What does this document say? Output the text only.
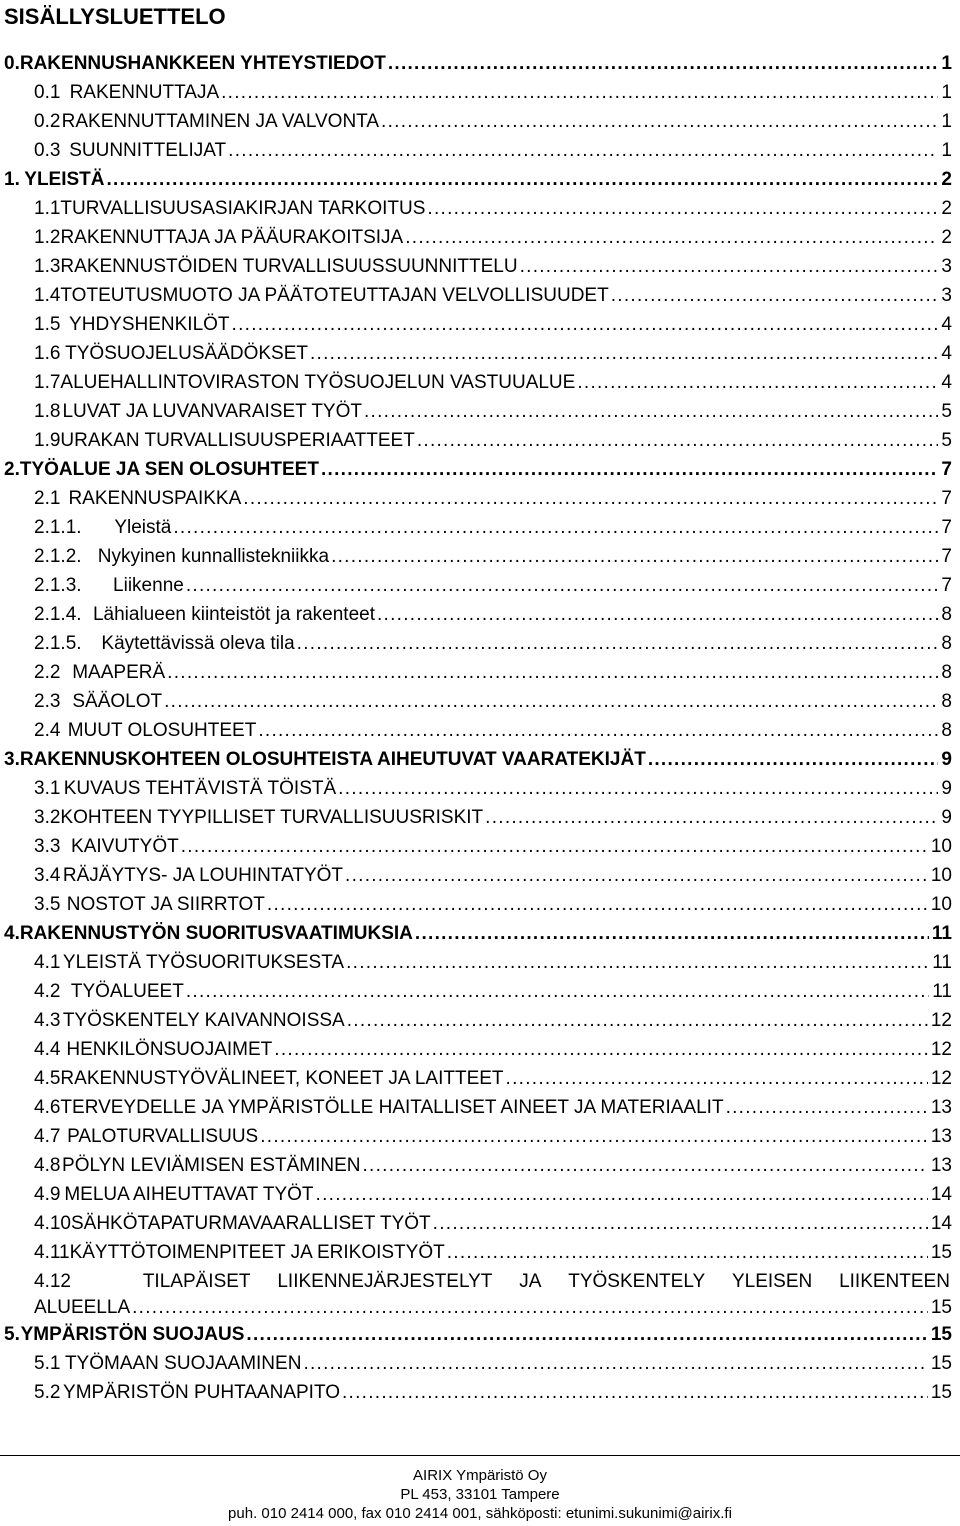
SISÄLLYSLUETTELO
0. RAKENNUSHANKKEEN YHTEYSTIEDOT . . .	1
0.1 RAKENNUTTAJA . . .	1
0.2 RAKENNUTTAMINEN JA VALVONTA . . .	1
0.3 SUUNNITTELIJAT . . .	1
1. YLEISTÄ . . .	2
1.1 TURVALLISUUSASIAKIRJAN TARKOITUS . . .	2
1.2 RAKENNUTTAJA JA PÄÄURAKOITSIJA . . .	2
1.3 RAKENNUSTÖIDEN TURVALLISUUSSUUNNITTELU . . .	3
1.4 TOTEUTUSMUOTO JA PÄÄTOTEUTTAJAN VELVOLLISUUDET . . .	3
1.5 YHDYSHENKILÖT . . .	4
1.6 TYÖSUOJELUSÄÄDÖKSET . . .	4
1.7 ALUEHALLINTOVIRASTON TYÖSUOJELUN VASTUUALUE . . .	4
1.8 LUVAT JA LUVANVARAISET TYÖT . . .	5
1.9 URAKAN TURVALLISUUSPERIAATTEET . . .	5
2. TYÖALUE JA SEN OLOSUHTEET . . .	7
2.1 RAKENNUSPAIKKA . . .	7
2.1.1.	Yleistä . . .	7
2.1.2. Nykyinen kunnallistekniikka . . .	7
2.1.3.	Liikenne . . .	7
2.1.4. Lähialueen kiinteistöt ja rakenteet . . .	8
2.1.5.	Käytettävissä oleva tila . . .	8
2.2 MAAPERÄ . . .	8
2.3 SÄÄOLOT . . .	8
2.4 MUUT OLOSUHTEET . . .	8
3. RAKENNUSKOHTEEN OLOSUHTEISTA AIHEUTUVAT VAARATEKIJÄT . . .	9
3.1 KUVAUS TEHTÄVISTÄ TÖISTÄ . . .	9
3.2 KOHTEEN TYYPILLISET TURVALLISUUSRISKIT . . .	9
3.3 KAIVUTYÖT . . .	10
3.4 RÄJÄYTYS- JA LOUHINTATYÖT . . .	10
3.5 NOSTOT JA SIIRRTOT . . .	10
4. RAKENNUSTYÖN SUORITUSVAATIMUKSIA . . .	11
4.1 YLEISTÄ TYÖSUORITUKSESTA . . .	11
4.2 TYÖALUEET . . .	11
4.3 TYÖSKENTELY KAIVANNOISSA . . .	12
4.4 HENKILÖNSUOJAIMET . . .	12
4.5 RAKENNUSTYÖVÄLINEET, KONEET JA LAITTEET . . .	12
4.6 TERVEYDELLE JA YMPÄRISTÖLLE HAITALLISET AINEET JA MATERIAALIT . . .	13
4.7 PALOTURVALLISUUS . . .	13
4.8 PÖLYN LEVIÄMISEN ESTÄMINEN . . .	13
4.9 MELUA AIHEUTTAVAT TYÖT . . .	14
4.10 SÄHKÖTAPATURMAVAARALLISET TYÖT . . .	14
4.11 KÄYTTÖTOIMENPITEET JA ERIKOISTYÖT . . .	15
4.12	TILAPÄISET LIIKENNEJÄRJESTELYT JA TYÖSKENTELY YLEISEN LIIKENTEEN
ALUEELLA . . .	15
5. YMPÄRISTÖN SUOJAUS . . .	15
5.1 TYÖMAAN SUOJAAMINEN . . .	15
5.2 YMPÄRISTÖN PUHTAANAPITO . . .	15
AIRIX Ympäristö Oy
PL 453, 33101 Tampere
puh. 010 2414 000, fax 010 2414 001, sähköposti: etunimi.sukunimi@airix.fi
